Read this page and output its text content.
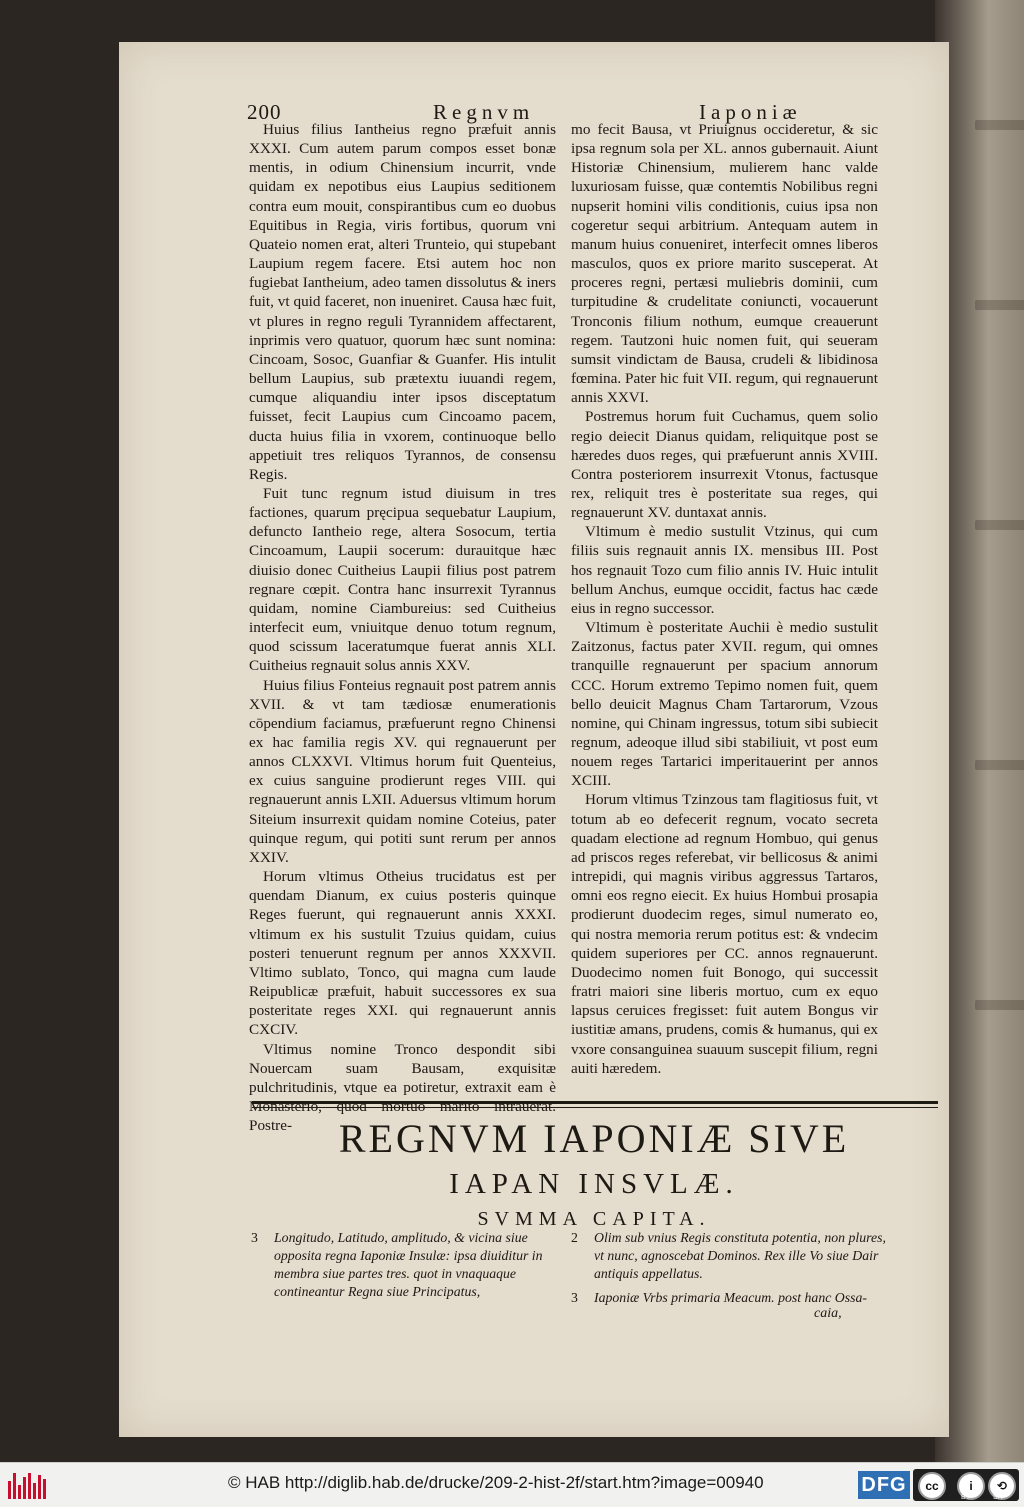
200	Regnvm	Iaponiæ

Huius filius Iantheius regno præfuit annis XXXI. Cum autem parum compos esset bonæ mentis, in odium Chinensium incurrit, vnde quidam ex nepotibus eius Laupius seditionem contra eum mouit, conspirantibus cum eo duobus Equitibus in Regia, viris fortibus, quorum vni Quateio nomen erat, alteri Trunteio, qui stupebant Laupium regem facere. Etsi autem hoc non fugiebat Iantheium, adeo tamen dissolutus & iners fuit, vt quid faceret, non inueniret. Causa hæc fuit, vt plures in regno reguli Tyrannidem affectarent, inprimis vero quatuor, quorum hæc sunt nomina: Cincoam, Sosoc, Guanfiar & Guanfer. His intulit bellum Laupius, sub prætextu iuuandi regem, cumque aliquandiu inter ipsos disceptatum fuisset, fecit Laupius cum Cincoamo pacem, ducta huius filia in vxorem, continuoque bello appetiuit tres reliquos Tyrannos, de consensu Regis.

Fuit tunc regnum istud diuisum in tres factiones, quarum pręcipua sequebatur Laupium, defuncto Iantheio rege, altera Sosocum, tertia Cincoamum, Laupii socerum: durauitque hæc diuisio donec Cuitheius Laupii filius post patrem regnare cœpit. Contra hanc insurrexit Tyrannus quidam, nomine Ciambureius: sed Cuitheius interfecit eum, vniuitque denuo totum regnum, quod scissum laceratumque fuerat annis XLI. Cuitheius regnauit solus annis XXV.

Huius filius Fonteius regnauit post patrem annis XVII. & vt tam tædiosæ enumerationis cōpendium faciamus, præfuerunt regno Chinensi ex hac familia regis XV. qui regnauerunt per annos CLXXVI. Vltimus horum fuit Quenteius, ex cuius sanguine prodierunt reges VIII. qui regnauerunt annis LXII. Aduersus vltimum horum Siteium insurrexit quidam nomine Coteius, pater quinque regum, qui potiti sunt rerum per annos XXIV.

Horum vltimus Otheius trucidatus est per quendam Dianum, ex cuius posteris quinque Reges fuerunt, qui regnauerunt annis XXXI. vltimum ex his sustulit Tzuius quidam, cuius posteri tenuerunt regnum per annos XXXVII. Vltimo sublato, Tonco, qui magna cum laude Reipublicæ præfuit, habuit successores ex sua posteritate reges XXI. qui regnauerunt annis CXCIV.

Vltimus nomine Tronco despondit sibi Nouercam suam Bausam, exquisitæ pulchritudinis, vtque ea potiretur, extraxit eam è Monasterio, quod mortuo marito intrauerat. Postre-

mo fecit Bausa, vt Priuignus occideretur, & sic ipsa regnum sola per XL. annos gubernauit. Aiunt Historiæ Chinensium, mulierem hanc valde luxuriosam fuisse, quæ contemtis Nobilibus regni nupserit homini vilis conditionis, cuius ipsa non cogeretur sequi arbitrium. Antequam autem in manum huius conueniret, interfecit omnes liberos masculos, quos ex priore marito susceperat. At proceres regni, pertæsi muliebris dominii, cum turpitudine & crudelitate coniuncti, vocauerunt Tronconis filium nothum, eumque creauerunt regem. Tautzoni huic nomen fuit, qui seueram sumsit vindictam de Bausa, crudeli & libidinosa fœmina. Pater hic fuit VII. regum, qui regnauerunt annis XXVI.

Postremus horum fuit Cuchamus, quem solio regio deiecit Dianus quidam, reliquitque post se hæredes duos reges, qui præfuerunt annis XVIII. Contra posteriorem insurrexit Vtonus, factusque rex, reliquit tres è posteritate sua reges, qui regnauerunt XV. duntaxat annis.

Vltimum è medio sustulit Vtzinus, qui cum filiis suis regnauit annis IX. mensibus III. Post hos regnauit Tozo cum filio annis IV. Huic intulit bellum Anchus, eumque occidit, factus hac cæde eius in regno successor.

Vltimum è posteritate Auchii è medio sustulit Zaitzonus, factus pater XVII. regum, qui omnes tranquille regnauerunt per spacium annorum CCC. Horum extremo Tepimo nomen fuit, quem bello deuicit Magnus Cham Tartarorum, Vzous nomine, qui Chinam ingressus, totum sibi subiecit regnum, adeoque illud sibi stabiliuit, vt post eum nouem reges Tartarici imperitauerint per annos XCIII.

Horum vltimus Tzinzous tam flagitiosus fuit, vt totum ab eo defecerit regnum, vocato secreta quadam electione ad regnum Hombuo, qui genus ad priscos reges referebat, vir bellicosus & animi intrepidi, qui magnis viribus aggressus Tartaros, omni eos regno eiecit. Ex huius Hombui prosapia prodierunt duodecim reges, simul numerato eo, qui nostra memoria rerum potitus est: & vndecim quidem superiores per CC. annos regnauerunt. Duodecimo nomen fuit Bonogo, qui successit fratri maiori sine liberis mortuo, cum ex equo lapsus ceruices fregisset: fuit autem Bongus vir iustitiæ amans, prudens, comis & humanus, qui ex vxore consanguinea suauum suscepit filium, regni auiti hæredem.

REGNVM IAPONIÆ SIVE
IAPAN INSVLÆ.
SVMMA CAPITA.
3 Longitudo, Latitudo, amplitudo, & vicina siue opposita regna Iaponiæ Insulæ: ipsa diuiditur in membra siue partes tres. quot in vnaquaque contineantur Regna siue Principatus,
2 Olim sub vnius Regis constituta potentia, non plures, vt nunc, agnoscebat Dominos. Rex ille Vo siue Dair antiquis appellatus.
3 Iaponiæ Vrbs primaria Meacum. post hanc Ossa-
caia,
© HAB http://diglib.hab.de/drucke/209-2-hist-2f/start.htm?image=00940	DFG	cc	i	⟲
BY	SA
